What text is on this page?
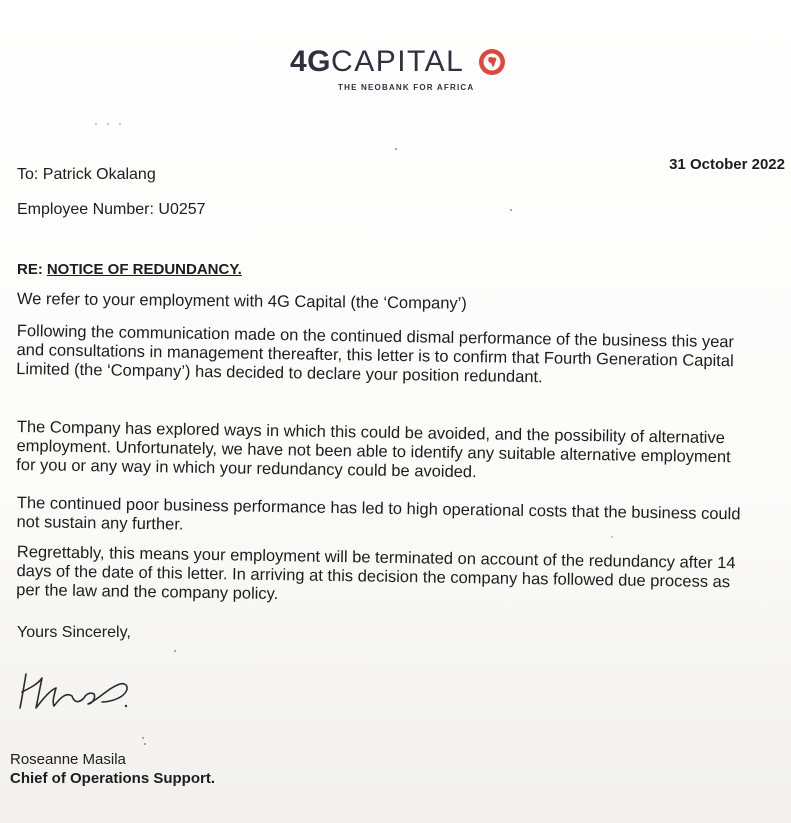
4GCAPITAL
THE NEOBANK FOR AFRICA
31 October 2022
To: Patrick Okalang
Employee Number: U0257
RE: NOTICE OF REDUNDANCY.
We refer to your employment with 4G Capital (the ‘Company’)
Following the communication made on the continued dismal performance of the business this year and consultations in management thereafter, this letter is to confirm that Fourth Generation Capital Limited (the ‘Company’) has decided to declare your position redundant.
The Company has explored ways in which this could be avoided, and the possibility of alternative employment. Unfortunately, we have not been able to identify any suitable alternative employment for you or any way in which your redundancy could be avoided.
The continued poor business performance has led to high operational costs that the business could not sustain any further.
Regrettably, this means your employment will be terminated on account of the redundancy after 14 days of the date of this letter. In arriving at this decision the company has followed due process as per the law and the company policy.
Yours Sincerely,
Roseanne Masila
Chief of Operations Support.
